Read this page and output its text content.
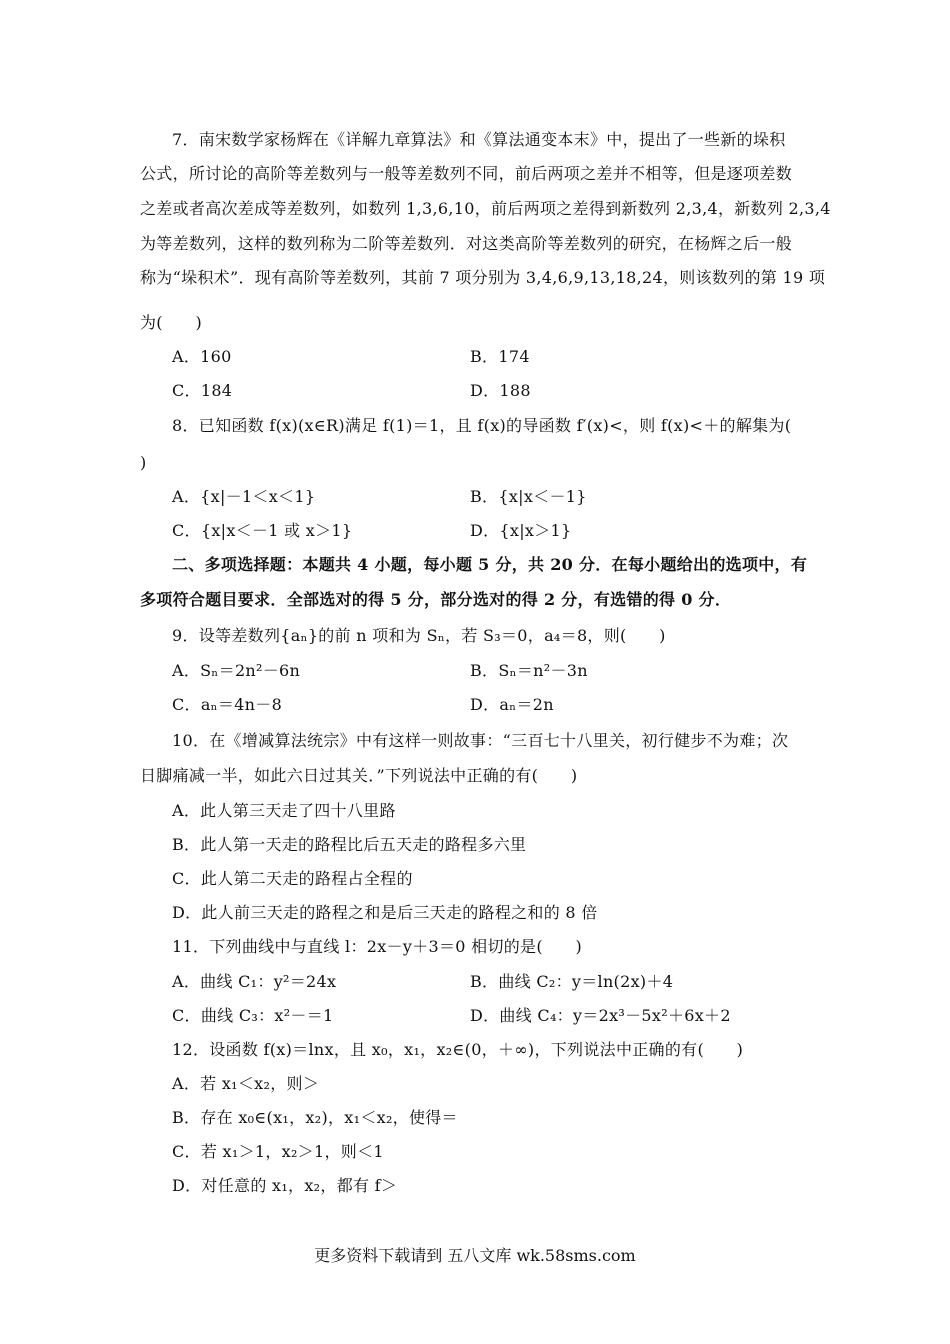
7．南宋数学家杨辉在《详解九章算法》和《算法通变本末》中，提出了一些新的垛积
公式，所讨论的高阶等差数列与一般等差数列不同，前后两项之差并不相等，但是逐项差数
之差或者高次差成等差数列，如数列 1,3,6,10，前后两项之差得到新数列 2,3,4，新数列 2,3,4
为等差数列，这样的数列称为二阶等差数列．对这类高阶等差数列的研究，在杨辉之后一般
称为“垛积术”．现有高阶等差数列，其前 7 项分别为 3,4,6,9,13,18,24，则该数列的第 19 项
为(　　)
A．160	B．174
C．184	D．188
8．已知函数 f(x)(x∈R)满足 f(1)＝1，且 f(x)的导函数 f′(x)<，则 f(x)<＋的解集为(
)
A．{x|－1＜x＜1}	B．{x|x＜－1}
C．{x|x＜－1 或 x＞1}	D．{x|x＞1}
二、多项选择题：本题共 4 小题，每小题 5 分，共 20 分．在每小题给出的选项中，有
多项符合题目要求．全部选对的得 5 分，部分选对的得 2 分，有选错的得 0 分．
9．设等差数列{aₙ}的前 n 项和为 Sₙ，若 S₃＝0，a₄＝8，则(　　)
A．Sₙ＝2n²－6n	B．Sₙ＝n²－3n
C．aₙ＝4n－8	D．aₙ＝2n
10．在《增减算法统宗》中有这样一则故事：“三百七十八里关，初行健步不为难；次
日脚痛减一半，如此六日过其关．”下列说法中正确的有(　　)
A．此人第三天走了四十八里路
B．此人第一天走的路程比后五天走的路程多六里
C．此人第二天走的路程占全程的
D．此人前三天走的路程之和是后三天走的路程之和的 8 倍
11．下列曲线中与直线 l：2x－y＋3＝0 相切的是(　　)
A．曲线 C₁：y²＝24x	B．曲线 C₂：y＝ln(2x)＋4
C．曲线 C₃：x²－＝1	D．曲线 C₄：y＝2x³－5x²＋6x＋2
12．设函数 f(x)＝lnx，且 x₀，x₁，x₂∈(0，＋∞)，下列说法中正确的有(　　)
A．若 x₁＜x₂，则＞
B．存在 x₀∈(x₁，x₂)，x₁＜x₂，使得＝
C．若 x₁＞1，x₂＞1，则＜1
D．对任意的 x₁，x₂，都有 f＞
更多资料下载请到 五八文库 wk.58sms.com
